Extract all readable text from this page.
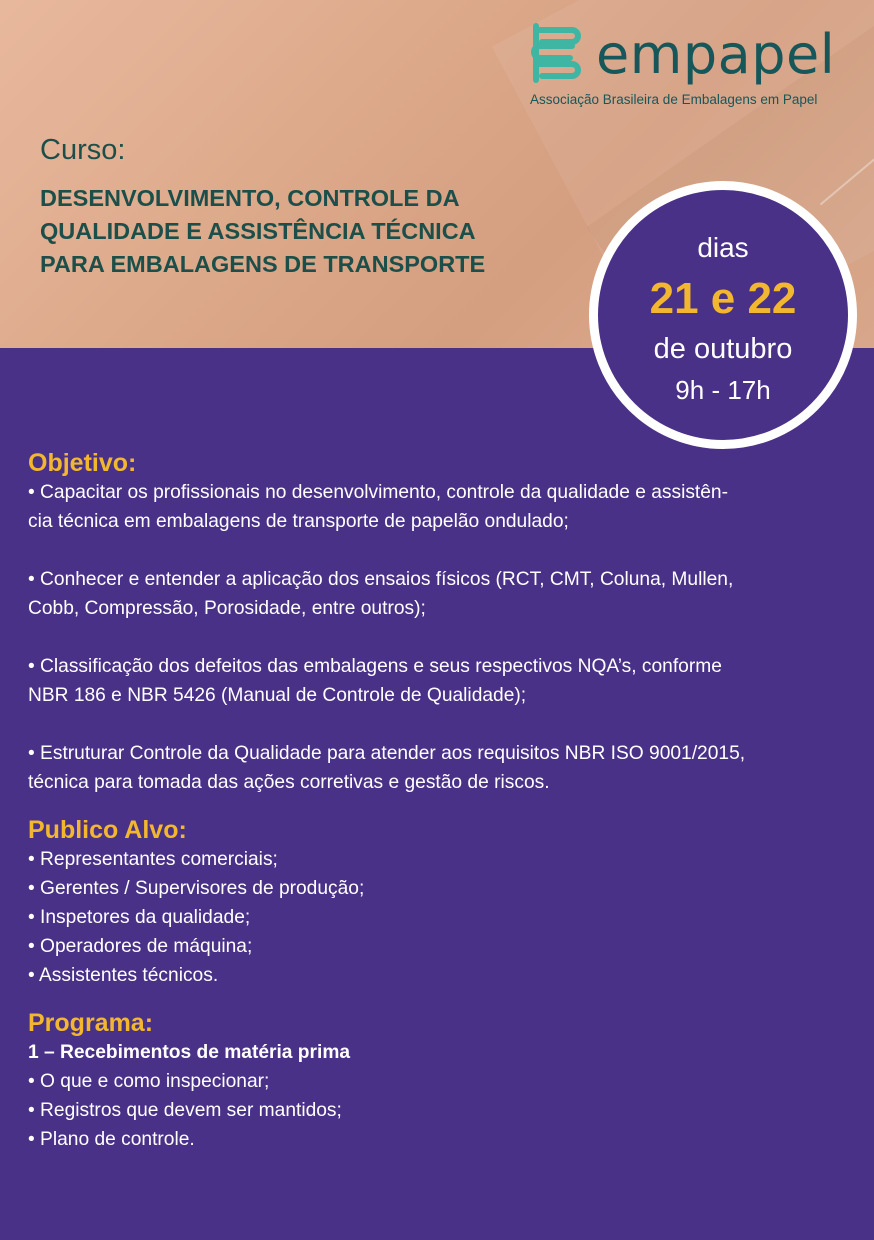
empapel
Associação Brasileira de Embalagens em Papel
Curso:
DESENVOLVIMENTO, CONTROLE DA
QUALIDADE E ASSISTÊNCIA TÉCNICA
PARA EMBALAGENS DE TRANSPORTE
dias
21 e 22
de outubro
9h - 17h

Objetivo:

• Capacitar os profissionais no desenvolvimento, controle da qualidade e assistên-

cia técnica em embalagens de transporte de papelão ondulado;

• Conhecer e entender a aplicação dos ensaios físicos (RCT, CMT, Coluna, Mullen,

Cobb, Compressão, Porosidade, entre outros);

• Classificação dos defeitos das embalagens e seus respectivos NQA’s, conforme

NBR 186 e NBR 5426 (Manual de Controle de Qualidade);

• Estruturar Controle da Qualidade para atender aos requisitos NBR ISO 9001/2015,

técnica para tomada das ações corretivas e gestão de riscos.

Publico Alvo:

• Representantes comerciais;

• Gerentes / Supervisores de produção;

• Inspetores da qualidade;

• Operadores de máquina;

• Assistentes técnicos.

Programa:

1 – Recebimentos de matéria prima

• O que e como inspecionar;

• Registros que devem ser mantidos;

• Plano de controle.
